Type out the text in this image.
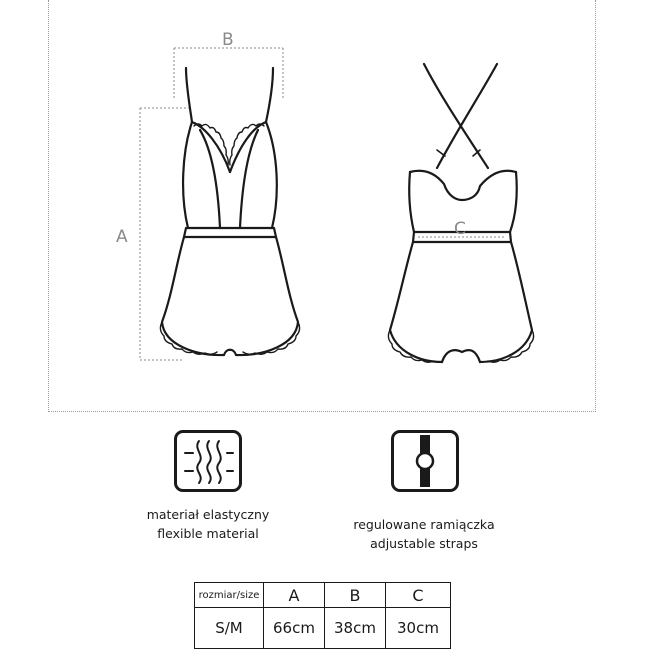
B
A	C
materiał elastyczny
flexible material
regulowane ramiączka
adjustable straps
rozmiar/size	A	B	C
S/M	66cm	38cm	30cm
